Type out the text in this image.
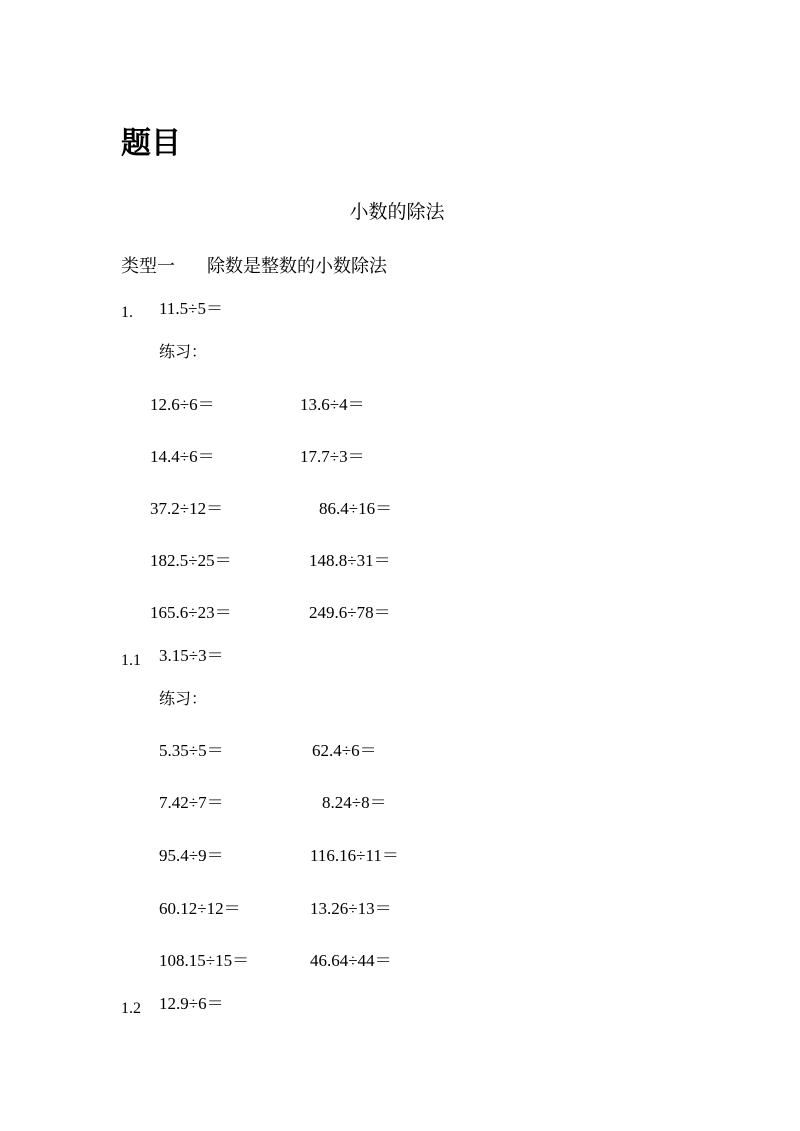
题目
小数的除法
类型一 除数是整数的小数除法
1. 11.5÷5＝
练习：
12.6÷6＝	13.6÷4＝
14.4÷6＝	17.7÷3＝
37.2÷12＝	86.4÷16＝
182.5÷25＝	148.8÷31＝
165.6÷23＝	249.6÷78＝
1.1 3.15÷3＝
练习：
5.35÷5＝	62.4÷6＝
7.42÷7＝	8.24÷8＝
95.4÷9＝	116.16÷11＝
60.12÷12＝	13.26÷13＝
108.15÷15＝	46.64÷44＝
1.2 12.9÷6＝
